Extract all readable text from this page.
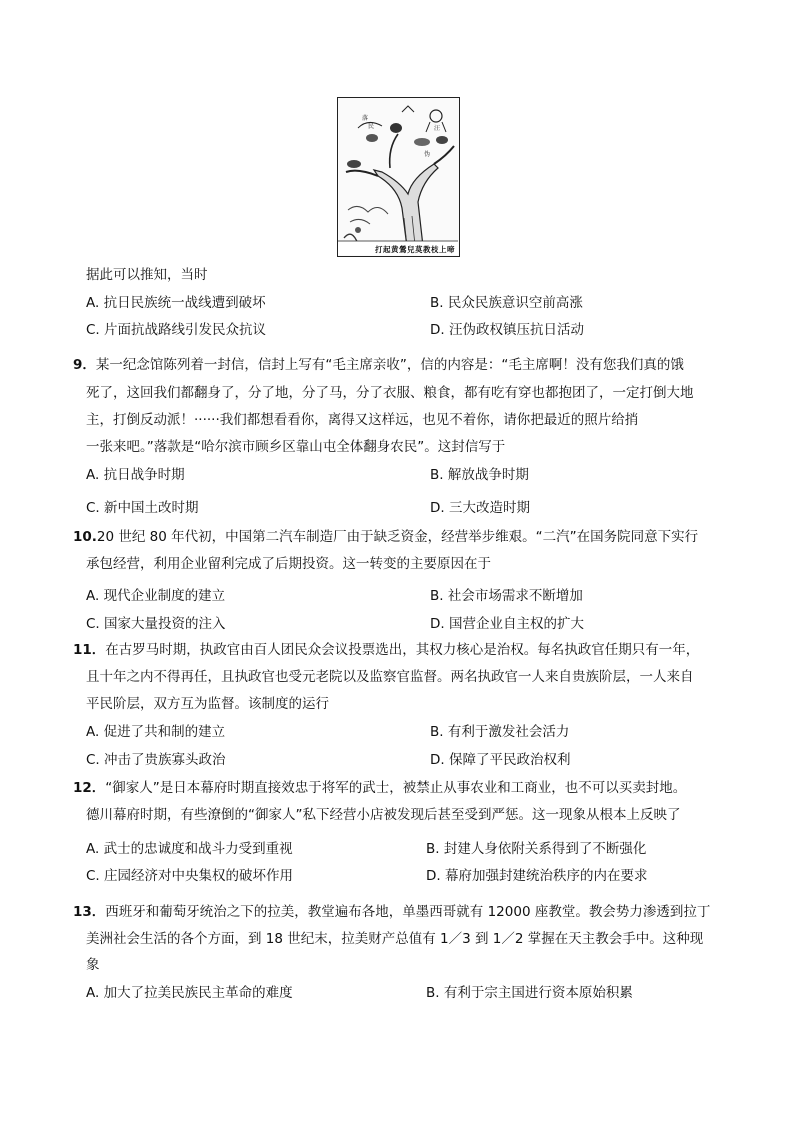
落
民	汪
伪
打起黄鶯兒莫教枝上啼
据此可以推知，当时
A. 抗日民族统一战线遭到破坏	B. 民众民族意识空前高涨
C. 片面抗战路线引发民众抗议	D. 汪伪政权镇压抗日活动
9．某一纪念馆陈列着一封信，信封上写有“毛主席亲收”，信的内容是：“毛主席啊！没有您我们真的饿
死了，这回我们都翻身了，分了地，分了马，分了衣服、粮食，都有吃有穿也都抱团了，一定打倒大地
主，打倒反动派！······我们都想看看你，离得又这样远，也见不着你，请你把最近的照片给捎
一张来吧。”落款是“哈尔滨市顾乡区靠山屯全体翻身农民”。这封信写于
A. 抗日战争时期	B. 解放战争时期
C. 新中国土改时期	D. 三大改造时期
10.20 世纪 80 年代初，中国第二汽车制造厂由于缺乏资金，经营举步维艰。“二汽”在国务院同意下实行
承包经营，利用企业留利完成了后期投资。这一转变的主要原因在于
A. 现代企业制度的建立	B. 社会市场需求不断增加
C. 国家大量投资的注入	D. 国营企业自主权的扩大
11．在古罗马时期，执政官由百人团民众会议投票选出，其权力核心是治权。每名执政官任期只有一年，
且十年之内不得再任，且执政官也受元老院以及监察官监督。两名执政官一人来自贵族阶层，一人来自
平民阶层，双方互为监督。该制度的运行
A. 促进了共和制的建立	B. 有利于激发社会活力
C. 冲击了贵族寡头政治	D. 保障了平民政治权利
12．“御家人”是日本幕府时期直接效忠于将军的武士，被禁止从事农业和工商业，也不可以买卖封地。
德川幕府时期，有些潦倒的“御家人”私下经营小店被发现后甚至受到严惩。这一现象从根本上反映了
A. 武士的忠诚度和战斗力受到重视	B. 封建人身依附关系得到了不断强化
C. 庄园经济对中央集权的破坏作用	D. 幕府加强封建统治秩序的内在要求
13．西班牙和葡萄牙统治之下的拉美，教堂遍布各地，单墨西哥就有 12000 座教堂。教会势力渗透到拉丁
美洲社会生活的各个方面，到 18 世纪末，拉美财产总值有 1／3 到 1／2 掌握在天主教会手中。这种现
象
A. 加大了拉美民族民主革命的难度	B. 有利于宗主国进行资本原始积累
